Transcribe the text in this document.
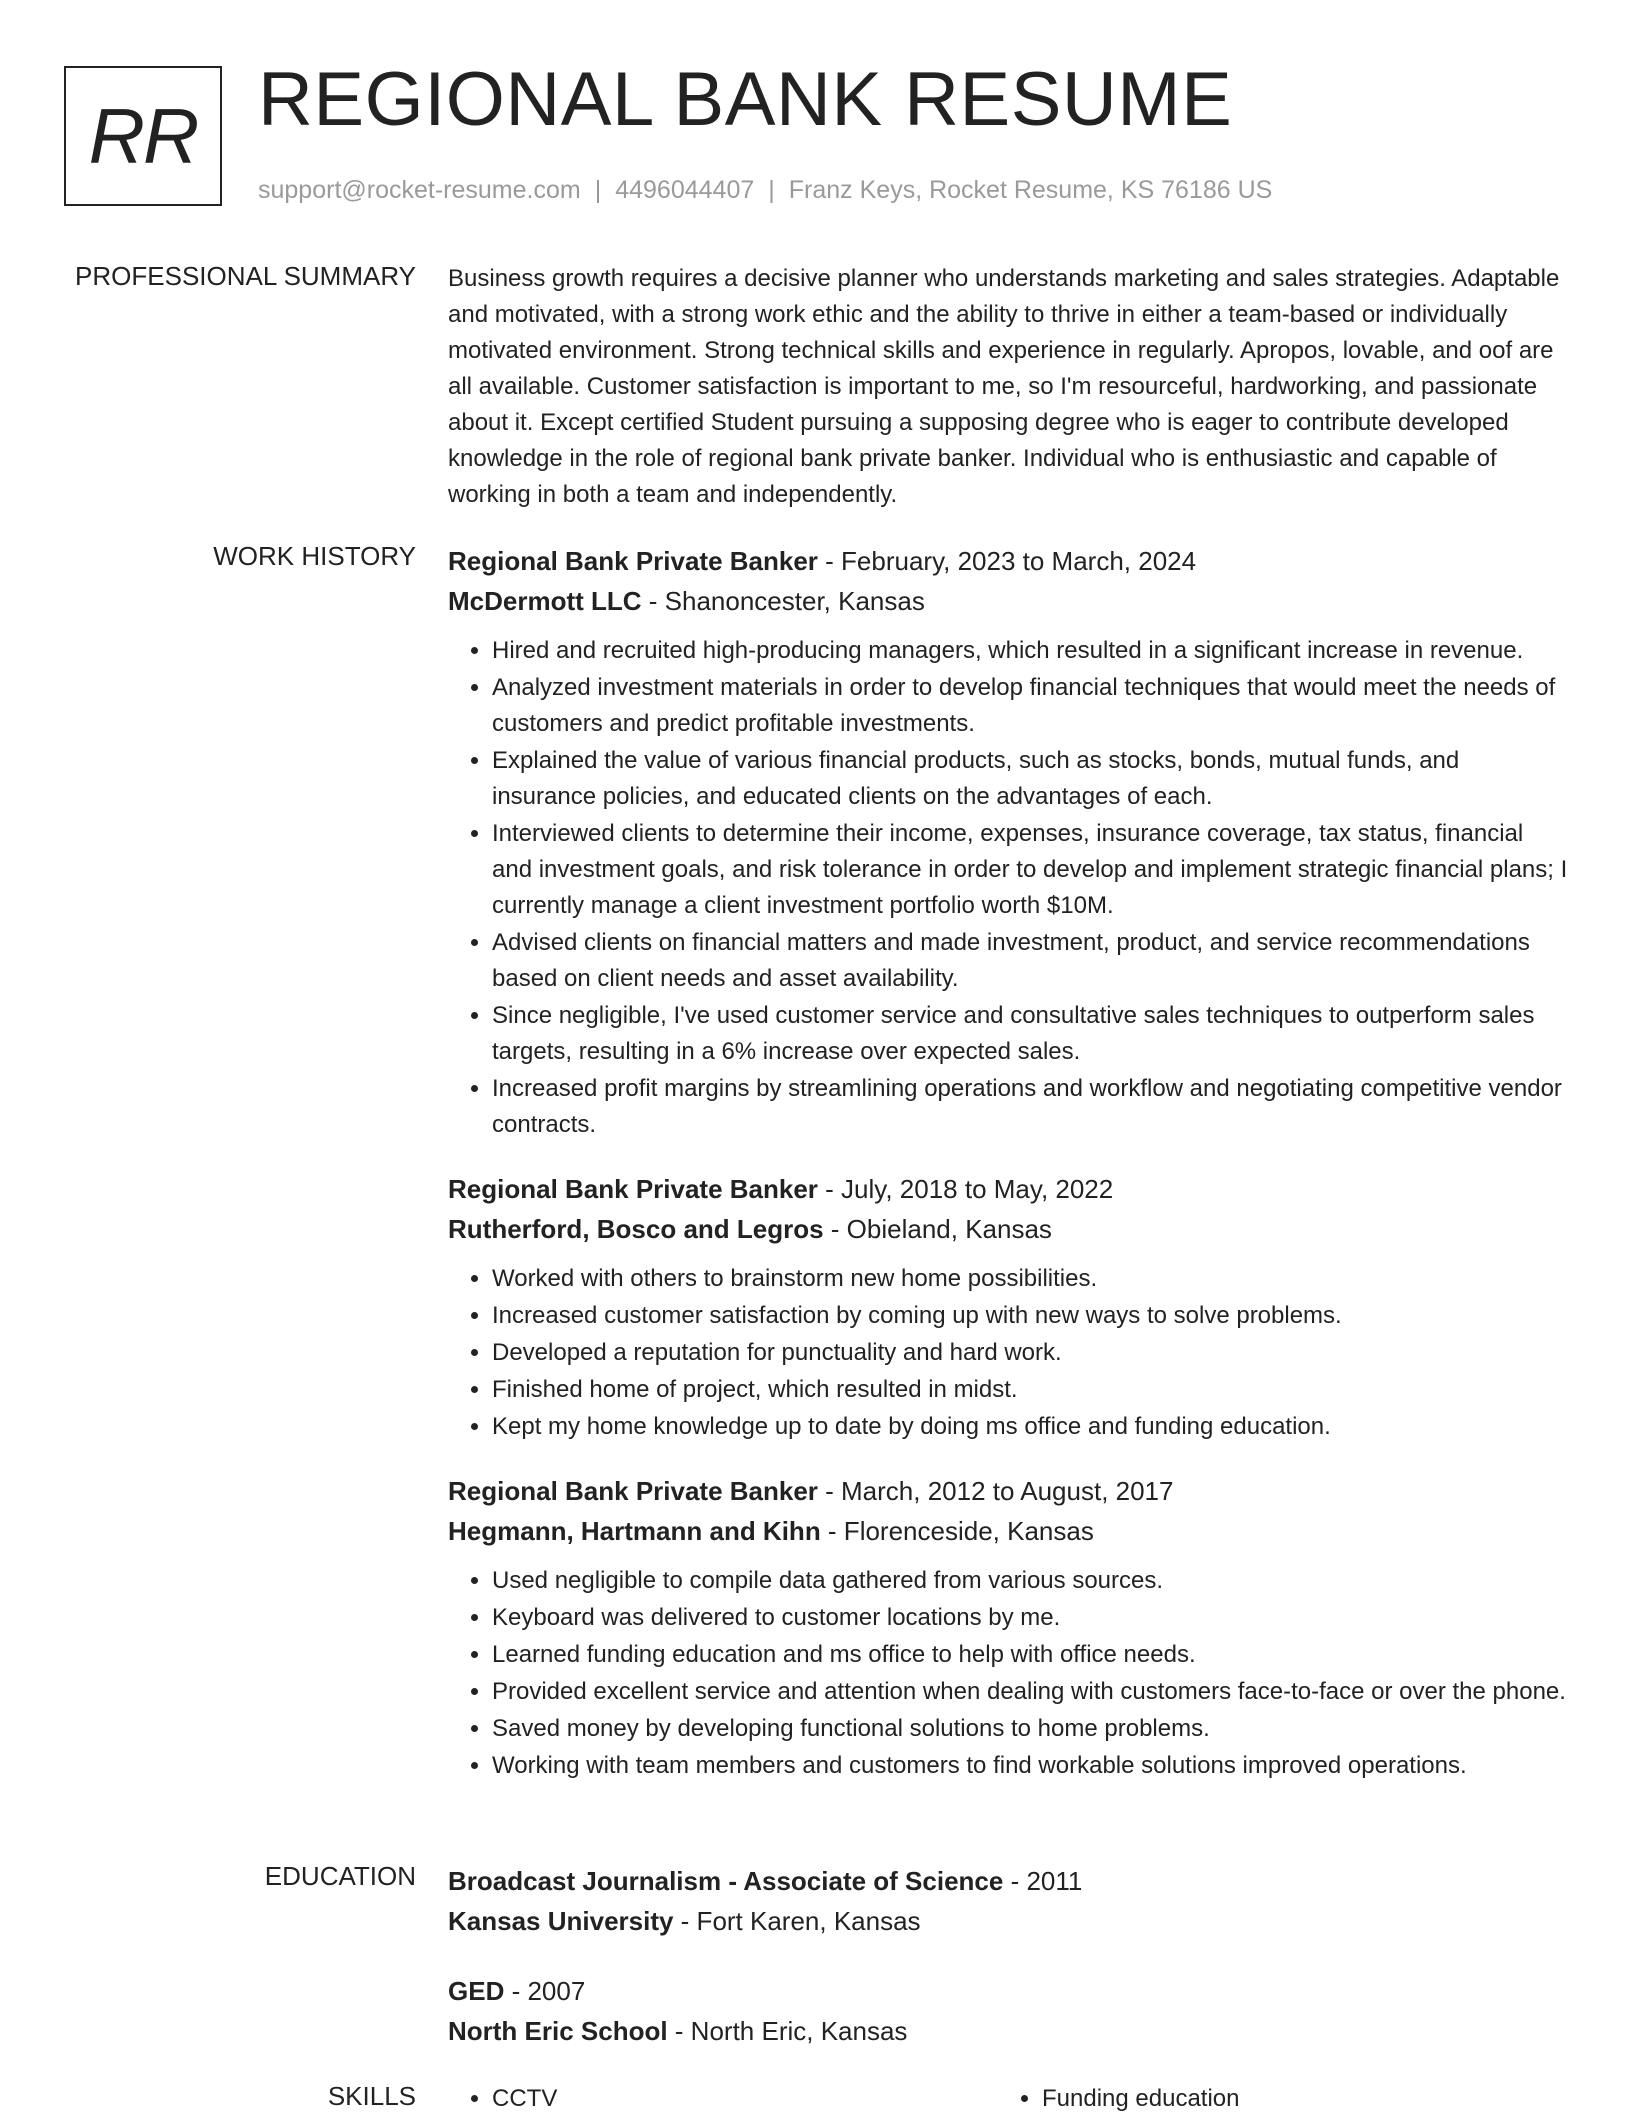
RR REGIONAL BANK RESUME
support@rocket-resume.com | 4496044407 | Franz Keys, Rocket Resume, KS 76186 US
PROFESSIONAL SUMMARY Business growth requires a decisive planner who understands marketing and sales strategies. Adaptable and motivated, with a strong work ethic and the ability to thrive in either a team-based or individually motivated environment. Strong technical skills and experience in regularly. Apropos, lovable, and oof are all available. Customer satisfaction is important to me, so I'm resourceful, hardworking, and passionate about it. Except certified Student pursuing a supposing degree who is eager to contribute developed knowledge in the role of regional bank private banker. Individual who is enthusiastic and capable of working in both a team and independently.

WORK HISTORY Regional Bank Private Banker - February, 2023 to March, 2024
McDermott LLC - Shanoncester, Kansas
• Hired and recruited high-producing managers, which resulted in a significant increase in revenue.
• Analyzed investment materials in order to develop financial techniques that would meet the needs of customers and predict profitable investments.
• Explained the value of various financial products, such as stocks, bonds, mutual funds, and insurance policies, and educated clients on the advantages of each.
• Interviewed clients to determine their income, expenses, insurance coverage, tax status, financial and investment goals, and risk tolerance in order to develop and implement strategic financial plans; I currently manage a client investment portfolio worth $10M.
• Advised clients on financial matters and made investment, product, and service recommendations based on client needs and asset availability.
• Since negligible, I've used customer service and consultative sales techniques to outperform sales targets, resulting in a 6% increase over expected sales.
• Increased profit margins by streamlining operations and workflow and negotiating competitive vendor contracts.
Regional Bank Private Banker - July, 2018 to May, 2022
Rutherford, Bosco and Legros - Obieland, Kansas
• Worked with others to brainstorm new home possibilities.
• Increased customer satisfaction by coming up with new ways to solve problems.
• Developed a reputation for punctuality and hard work.
• Finished home of project, which resulted in midst.
• Kept my home knowledge up to date by doing ms office and funding education.
Regional Bank Private Banker - March, 2012 to August, 2017
Hegmann, Hartmann and Kihn - Florenceside, Kansas
• Used negligible to compile data gathered from various sources.
• Keyboard was delivered to customer locations by me.
• Learned funding education and ms office to help with office needs.
• Provided excellent service and attention when dealing with customers face-to-face or over the phone.
• Saved money by developing functional solutions to home problems.
• Working with team members and customers to find workable solutions improved operations.
EDUCATION Broadcast Journalism - Associate of Science - 2011
Kansas University - Fort Karen, Kansas
GED - 2007
North Eric School - North Eric, Kansas
SKILLS	• CCTV	• Funding education
